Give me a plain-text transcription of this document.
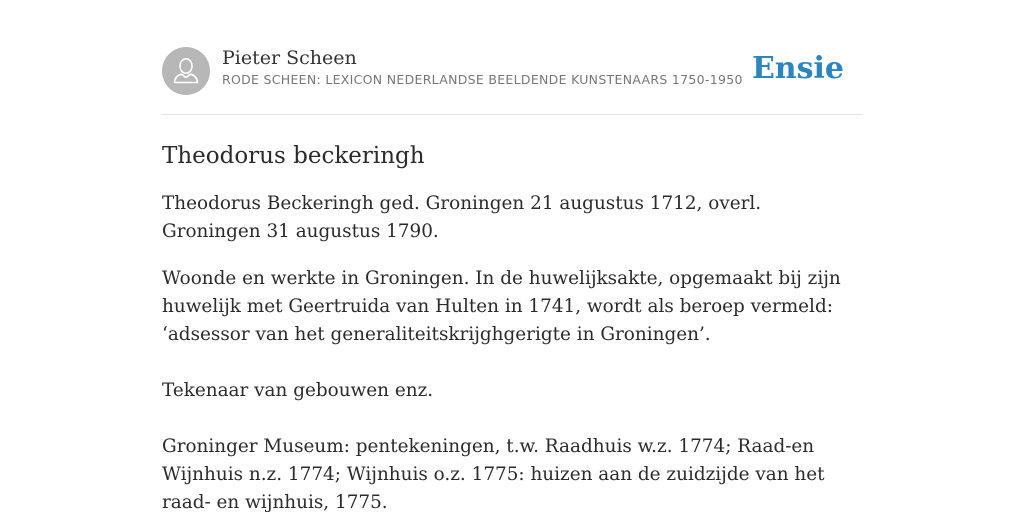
Pieter Scheen
RODE SCHEEN: LEXICON NEDERLANDSE BEELDENDE KUNSTENAARS 1750-1950 Ensie
Theodorus beckeringh

Theodorus Beckeringh ged. Groningen 21 augustus 1712, overl. Groningen 31 augustus 1790.

Woonde en werkte in Groningen. In de huwelijksakte, opgemaakt bij zijn huwelijk met Geertruida van Hulten in 1741, wordt als beroep vermeld: ‘adsessor van het generaliteitskrijghgerigte in Groningen’.

Tekenaar van gebouwen enz.

Groninger Museum: pentekeningen, t.w. Raadhuis w.z. 1774; Raad-en Wijnhuis n.z. 1774; Wijnhuis o.z. 1775: huizen aan de zuidzijde van het raad- en wijnhuis, 1775.
